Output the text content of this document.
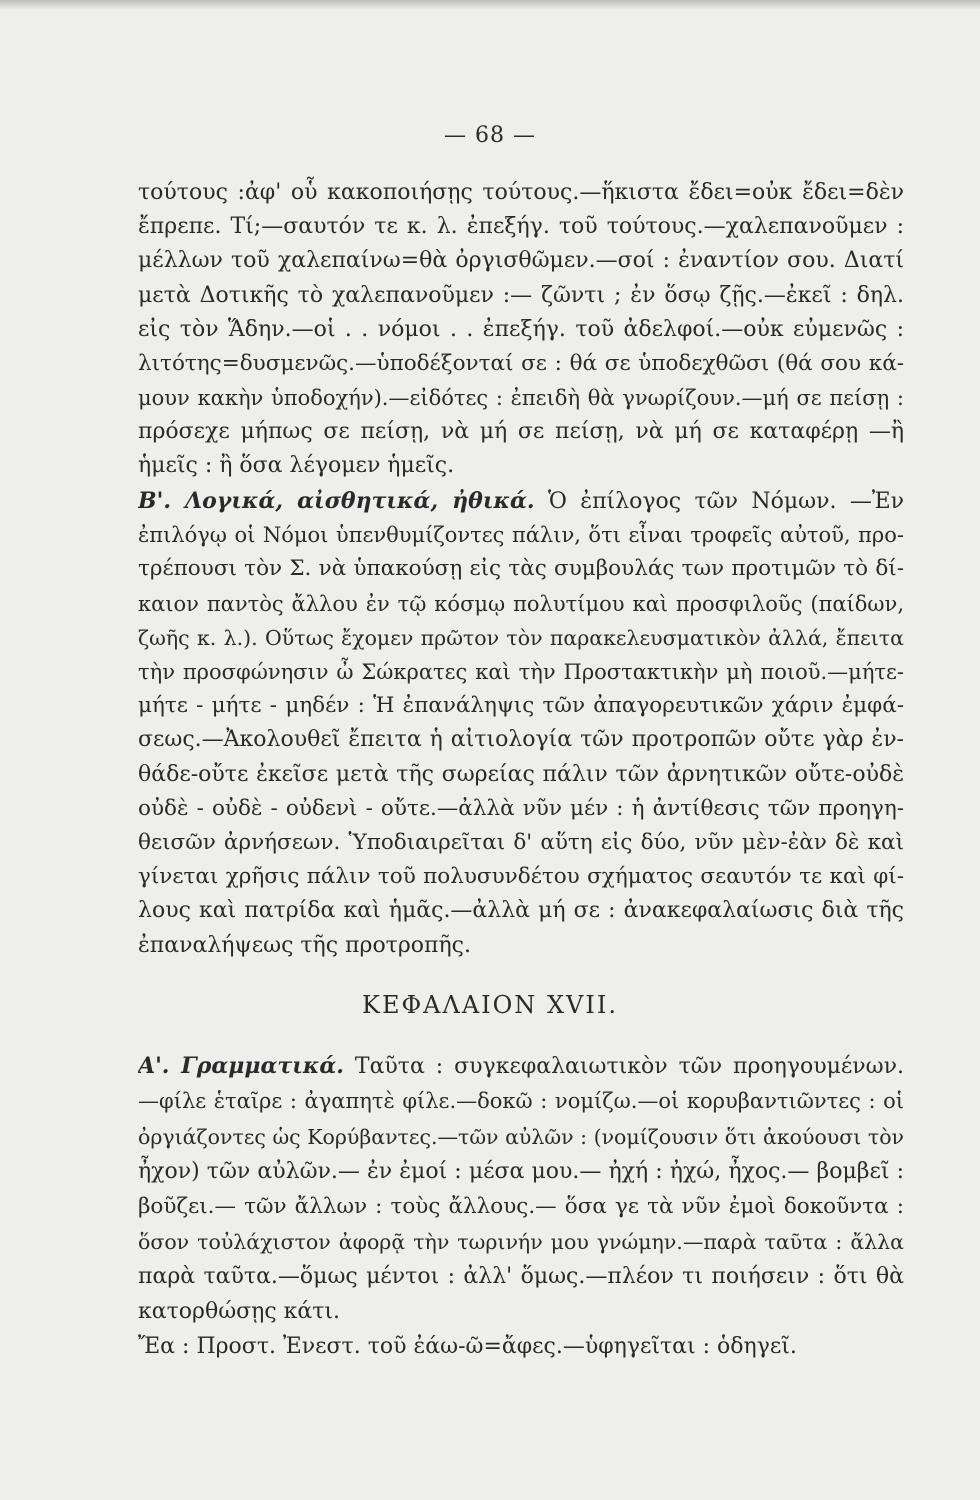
— 68 —
τούτους :ἀφ' οὗ κακοποιήσῃς τούτους.—ἥκιστα ἔδει=οὐκ ἔδει=δὲν
ἔπρεπε. Τί;—σαυτόν τε κ. λ. ἐπεξήγ. τοῦ τούτους.—χαλεπανοῦμεν :
μέλλων τοῦ χαλεπαίνω=θὰ ὀργισθῶμεν.—σοί : ἐναντίον σου. Διατί
μετὰ Δοτικῆς τὸ χαλεπανοῦμεν :— ζῶντι ; ἐν ὅσῳ ζῇς.—ἐκεῖ : δηλ.
εἰς τὸν Ἅδην.—οἱ . . νόμοι . . ἐπεξήγ. τοῦ ἀδελφοί.—οὐκ εὐμενῶς :
λιτότης=δυσμενῶς.—ὑποδέξονταί σε : θά σε ὑποδεχθῶσι (θά σου κά-
μουν κακὴν ὑποδοχήν).—εἰδότες : ἐπειδὴ θὰ γνωρίζουν.—μή σε πείσῃ :
πρόσεχε μήπως σε πείσῃ, νὰ μή σε πείσῃ, νὰ μή σε καταφέρῃ —ἢ
ἡμεῖς : ἢ ὅσα λέγομεν ἡμεῖς.
Β'. Λογικά, αἰσθητικά, ἠθικά. Ὁ ἐπίλογος τῶν Νόμων. —Ἐν
ἐπιλόγῳ οἱ Νόμοι ὑπενθυμίζοντες πάλιν, ὅτι εἶναι τροφεῖς αὐτοῦ, προ-
τρέπουσι τὸν Σ. νὰ ὑπακούσῃ εἰς τὰς συμβουλάς των προτιμῶν τὸ δί-
καιον παντὸς ἄλλου ἐν τῷ κόσμῳ πολυτίμου καὶ προσφιλοῦς (παίδων,
ζωῆς κ. λ.). Οὕτως ἔχομεν πρῶτον τὸν παρακελευσματικὸν ἀλλά, ἔπειτα
τὴν προσφώνησιν ὦ Σώκρατες καὶ τὴν Προστακτικὴν μὴ ποιοῦ.—μήτε-
μήτε - μήτε - μηδέν : Ἡ ἐπανάληψις τῶν ἀπαγορευτικῶν χάριν ἐμφά-
σεως.—Ἀκολουθεῖ ἔπειτα ἡ αἰτιολογία τῶν προτροπῶν οὔτε γὰρ ἐν-
θάδε-οὔτε ἐκεῖσε μετὰ τῆς σωρείας πάλιν τῶν ἀρνητικῶν οὔτε-οὐδὲ
οὐδὲ - οὐδὲ - οὐδενὶ - οὔτε.—ἀλλὰ νῦν μέν : ἡ ἀντίθεσις τῶν προηγη-
θεισῶν ἀρνήσεων. Ὑποδιαιρεῖται δ' αὕτη εἰς δύο, νῦν μὲν-ἐὰν δὲ καὶ
γίνεται χρῆσις πάλιν τοῦ πολυσυνδέτου σχήματος σεαυτόν τε καὶ φί-
λους καὶ πατρίδα καὶ ἡμᾶς.—ἀλλὰ μή σε : ἀνακεφαλαίωσις διὰ τῆς
ἐπαναλήψεως τῆς προτροπῆς.
ΚΕΦΑΛΑΙΟΝ XVII.
Α'. Γραμματικά. Ταῦτα : συγκεφαλαιωτικὸν τῶν προηγουμένων.
—φίλε ἑταῖρε : ἀγαπητὲ φίλε.—δοκῶ : νομίζω.—οἱ κορυβαντιῶντες : οἱ
ὀργιάζοντες ὡς Κορύβαντες.—τῶν αὐλῶν : (νομίζουσιν ὅτι ἀκούουσι τὸν
ἦχον) τῶν αὐλῶν.— ἐν ἐμοί : μέσα μου.— ἠχή : ἠχώ, ἦχος.— βομβεῖ :
βοῦζει.— τῶν ἄλλων : τοὺς ἄλλους.— ὅσα γε τὰ νῦν ἐμοὶ δοκοῦντα :
ὅσον τοὐλάχιστον ἀφορᾷ τὴν τωρινήν μου γνώμην.—παρὰ ταῦτα : ἄλλα
παρὰ ταῦτα.—ὅμως μέντοι : ἀλλ' ὅμως.—πλέον τι ποιήσειν : ὅτι θὰ
κατορθώσῃς κάτι.
Ἔα : Προστ. Ἐνεστ. τοῦ ἐάω-ῶ=ἄφες.—ὑφηγεῖται : ὁδηγεῖ.
